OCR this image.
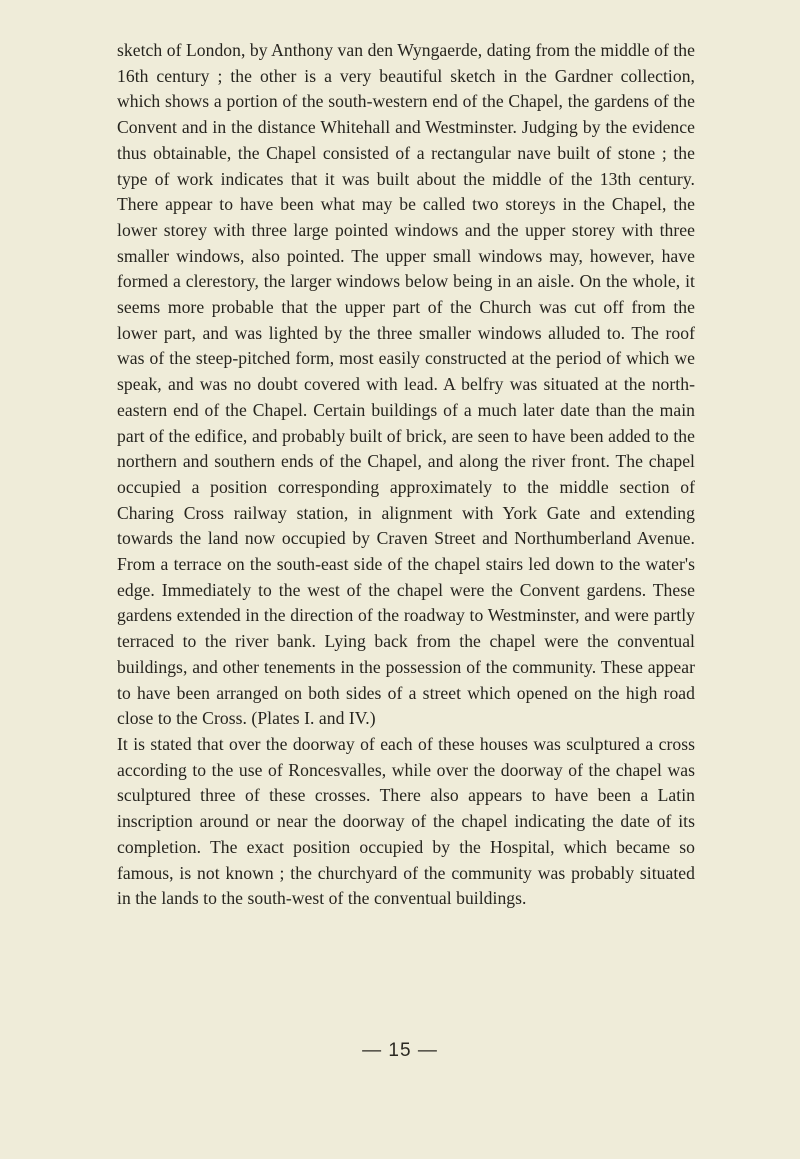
sketch of London, by Anthony van den Wyngaerde, dating from the middle of the 16th century ; the other is a very beautiful sketch in the Gardner collection, which shows a portion of the south-western end of the Chapel, the gardens of the Convent and in the distance Whitehall and Westminster. Judging by the evidence thus obtainable, the Chapel consisted of a rectangular nave built of stone ; the type of work indicates that it was built about the middle of the 13th century. There appear to have been what may be called two storeys in the Chapel, the lower storey with three large pointed windows and the upper storey with three smaller windows, also pointed. The upper small windows may, however, have formed a clerestory, the larger windows below being in an aisle. On the whole, it seems more probable that the upper part of the Church was cut off from the lower part, and was lighted by the three smaller windows alluded to. The roof was of the steep-pitched form, most easily constructed at the period of which we speak, and was no doubt covered with lead. A belfry was situated at the north-eastern end of the Chapel. Certain buildings of a much later date than the main part of the edifice, and probably built of brick, are seen to have been added to the northern and southern ends of the Chapel, and along the river front. The chapel occupied a position corresponding approximately to the middle section of Charing Cross railway station, in alignment with York Gate and extending towards the land now occupied by Craven Street and Northumberland Avenue. From a terrace on the south-east side of the chapel stairs led down to the water's edge. Immediately to the west of the chapel were the Convent gardens. These gardens extended in the direction of the roadway to Westminster, and were partly terraced to the river bank. Lying back from the chapel were the conventual buildings, and other tenements in the possession of the community. These appear to have been arranged on both sides of a street which opened on the high road close to the Cross. (Plates I. and IV.)

It is stated that over the doorway of each of these houses was sculptured a cross according to the use of Roncesvalles, while over the doorway of the chapel was sculptured three of these crosses. There also appears to have been a Latin inscription around or near the doorway of the chapel indicating the date of its completion. The exact position occupied by the Hospital, which became so famous, is not known ; the churchyard of the community was probably situated in the lands to the south-west of the conventual buildings.

— 15 —
